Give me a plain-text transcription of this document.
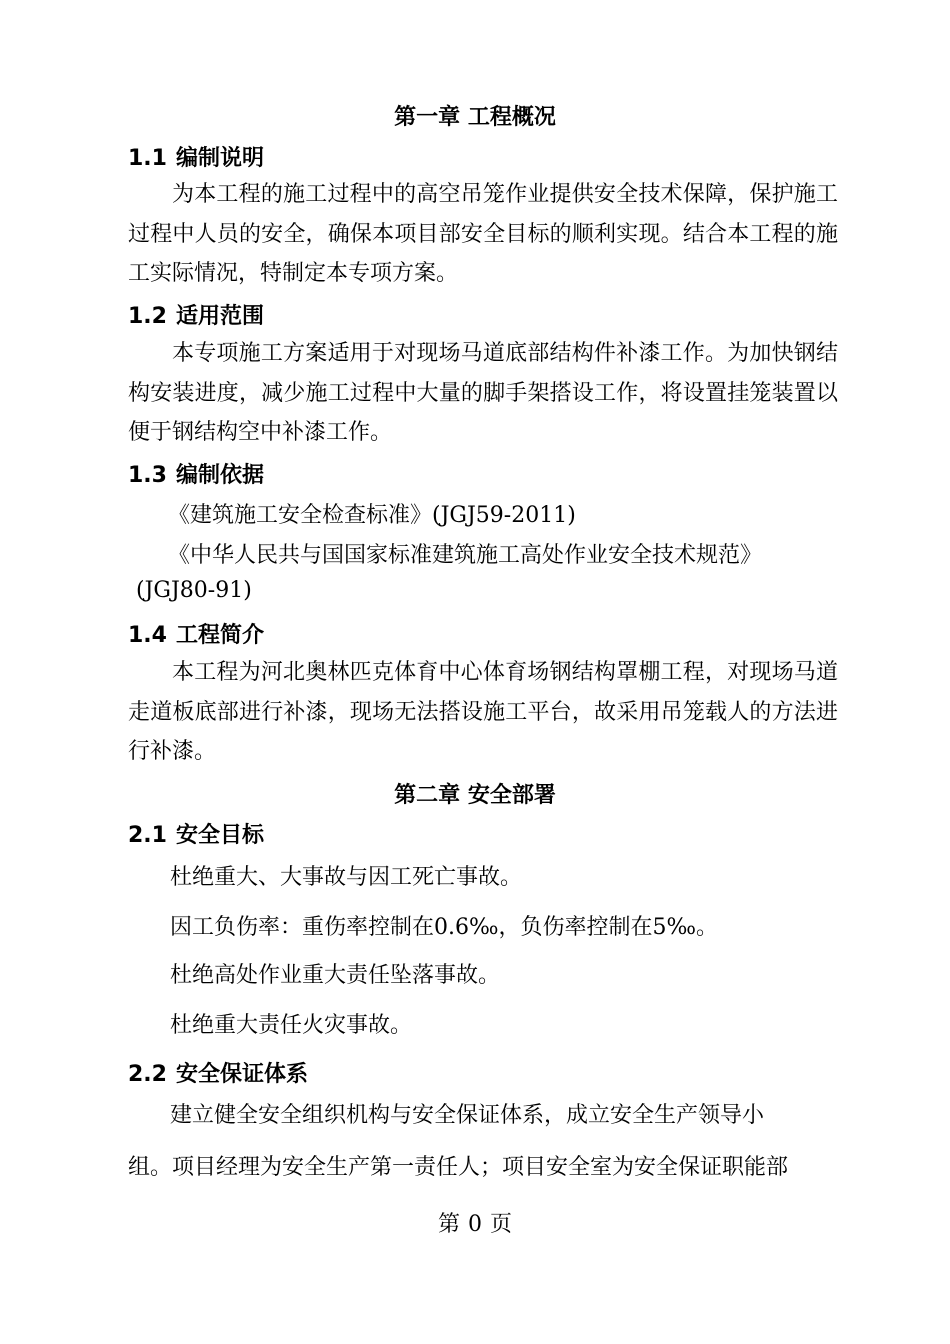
第一章 工程概况
1.1 编制说明
为本工程的施工过程中的高空吊笼作业提供安全技术保障，保护施工过程中人员的安全，确保本项目部安全目标的顺利实现。结合本工程的施工实际情况，特制定本专项方案。
1.2 适用范围
本专项施工方案适用于对现场马道底部结构件补漆工作。为加快钢结构安装进度，减少施工过程中大量的脚手架搭设工作，将设置挂笼装置以便于钢结构空中补漆工作。
1.3 编制依据
《建筑施工安全检查标准》(JGJ59-2011)
《中华人民共与国国家标准建筑施工高处作业安全技术规范》
(JGJ80-91)
1.4 工程简介
本工程为河北奥林匹克体育中心体育场钢结构罩棚工程，对现场马道走道板底部进行补漆，现场无法搭设施工平台，故采用吊笼载人的方法进行补漆。
第二章 安全部署
2.1 安全目标
杜绝重大、大事故与因工死亡事故。
因工负伤率：重伤率控制在0.6‰，负伤率控制在5‰。
杜绝高处作业重大责任坠落事故。
杜绝重大责任火灾事故。
2.2 安全保证体系
建立健全安全组织机构与安全保证体系，成立安全生产领导小
组。项目经理为安全生产第一责任人；项目安全室为安全保证职能部
第 0 页
